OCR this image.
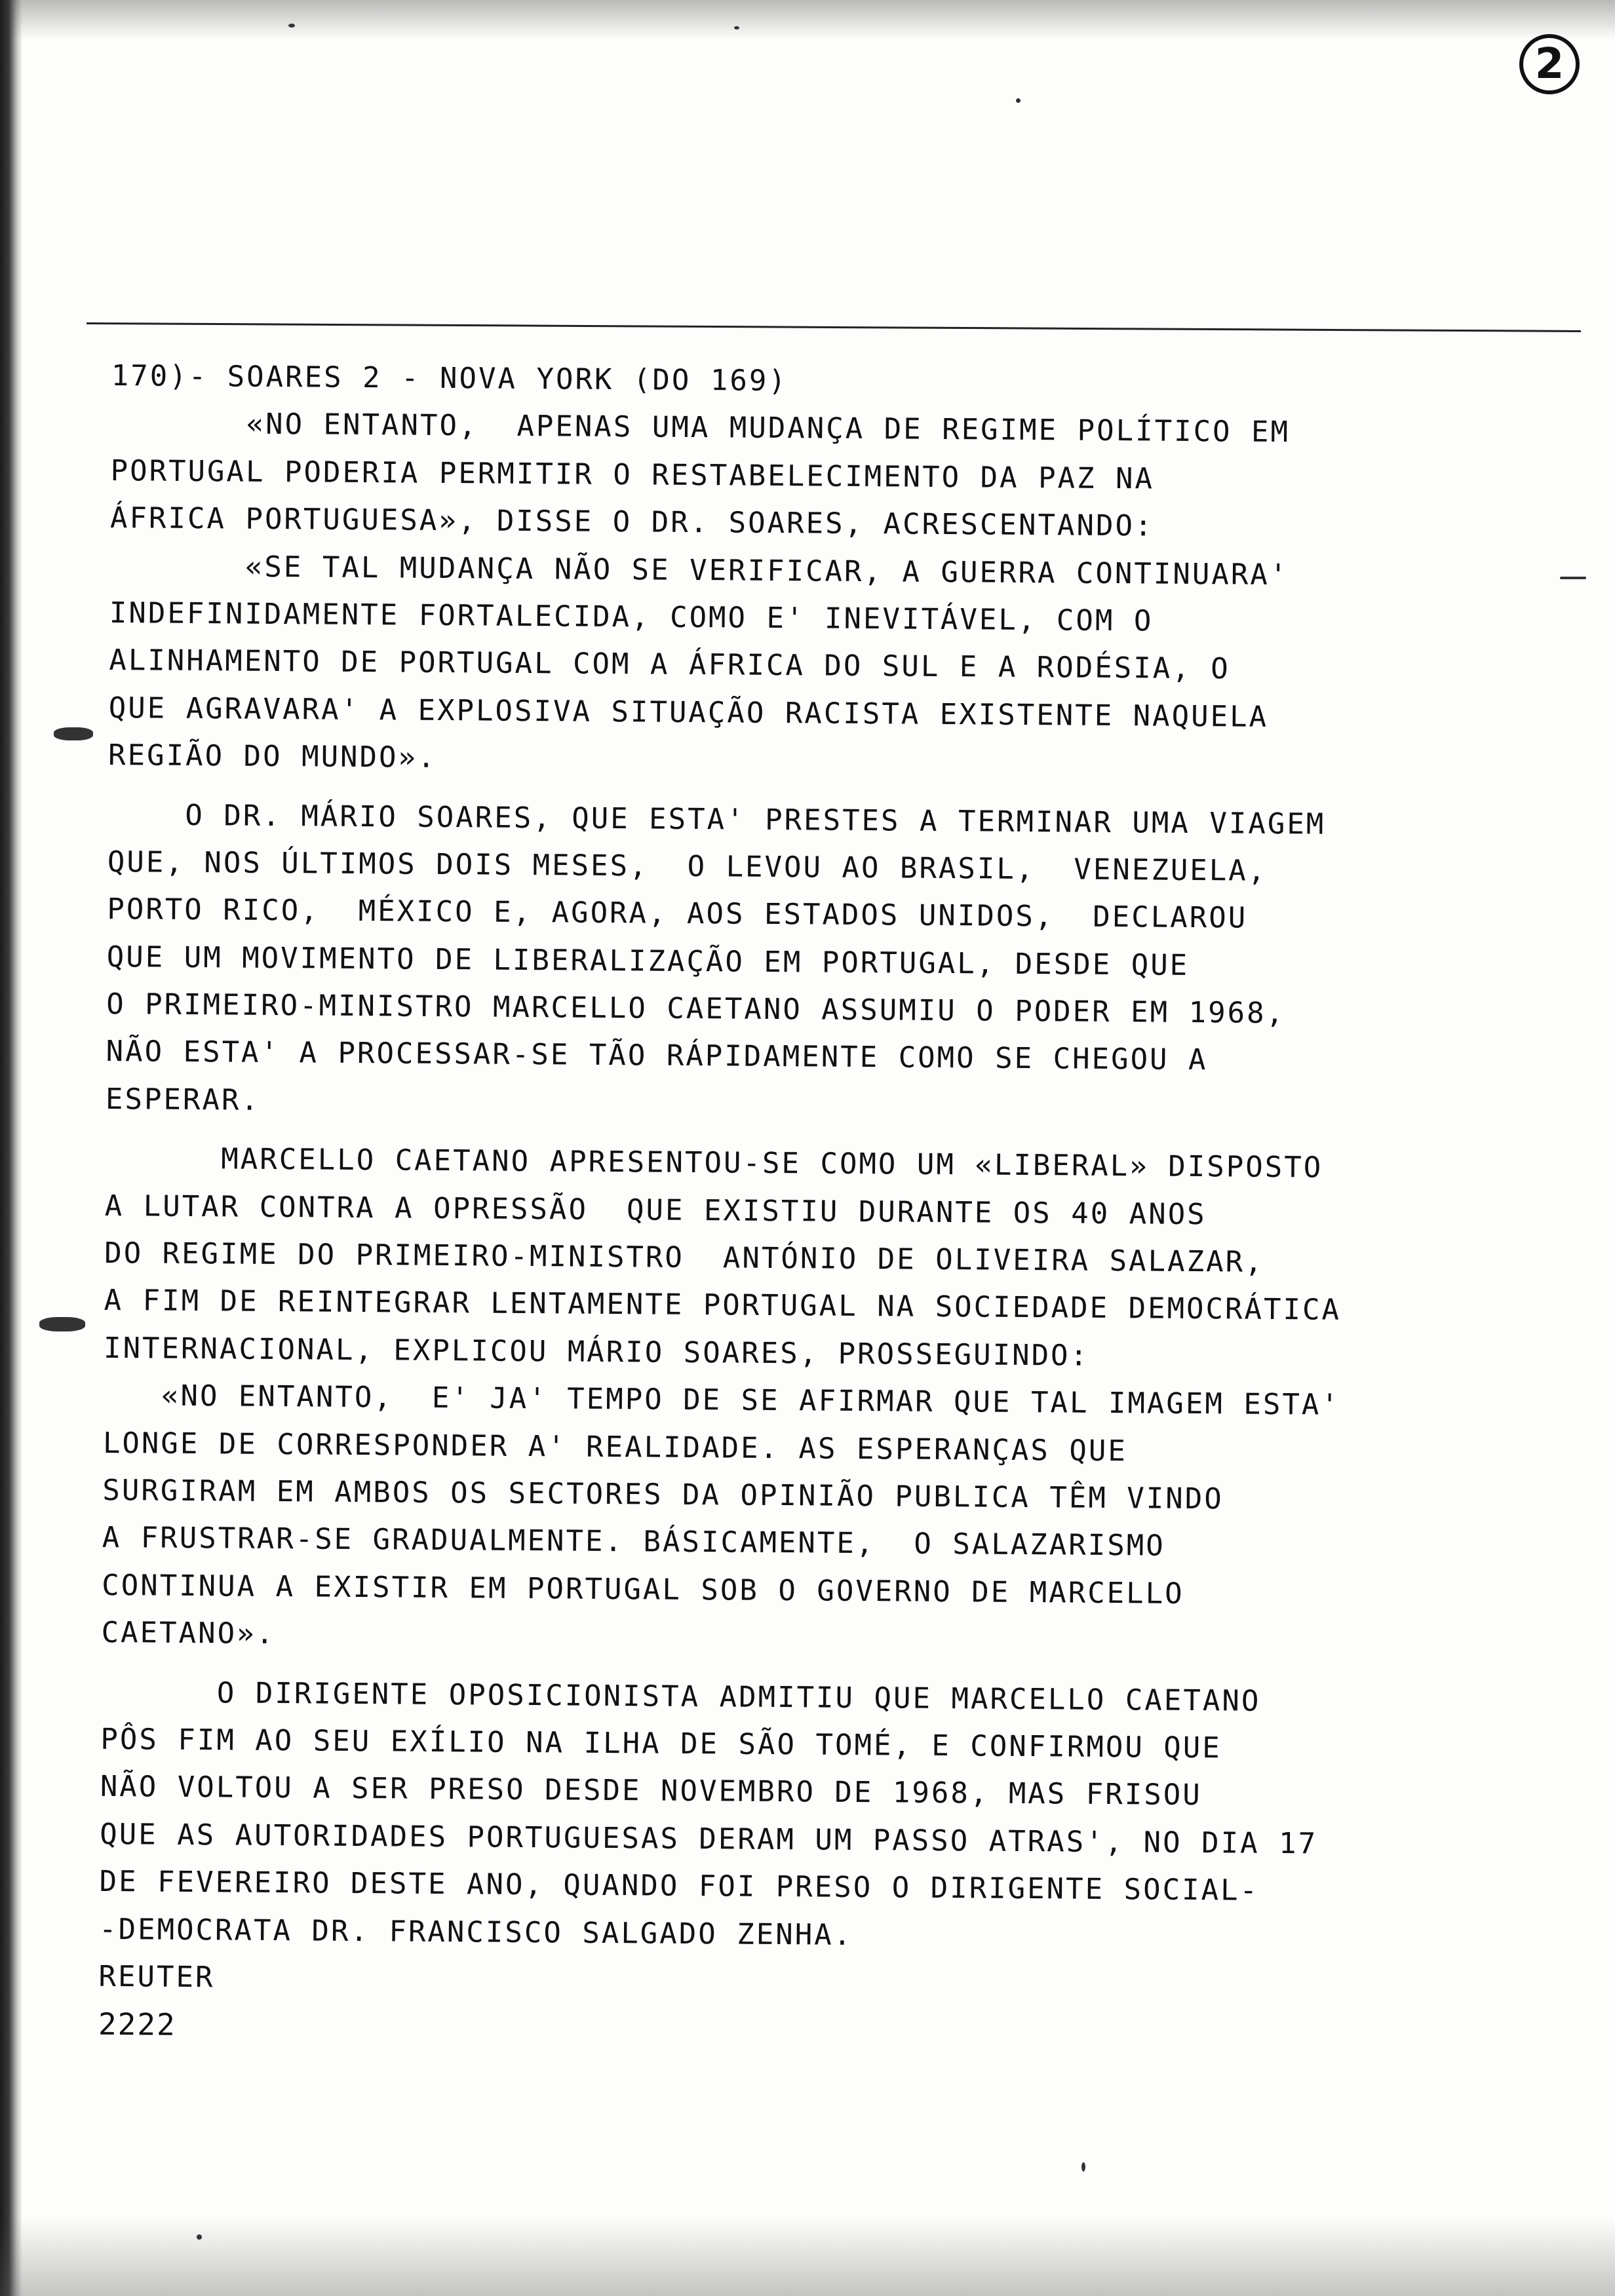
2
170)- SOARES 2 - NOVA YORK (DO 169)
«NO ENTANTO,  APENAS UMA MUDANÇA DE REGIME POLÍTICO EM
PORTUGAL PODERIA PERMITIR O RESTABELECIMENTO DA PAZ NA
ÁFRICA PORTUGUESA», DISSE O DR. SOARES, ACRESCENTANDO:
«SE TAL MUDANÇA NÃO SE VERIFICAR, A GUERRA CONTINUARA'
INDEFINIDAMENTE FORTALECIDA, COMO E' INEVITÁVEL, COM O
ALINHAMENTO DE PORTUGAL COM A ÁFRICA DO SUL E A RODÉSIA, O
QUE AGRAVARA' A EXPLOSIVA SITUAÇÃO RACISTA EXISTENTE NAQUELA
REGIÃO DO MUNDO».
O DR. MÁRIO SOARES, QUE ESTA' PRESTES A TERMINAR UMA VIAGEM
QUE, NOS ÚLTIMOS DOIS MESES,  O LEVOU AO BRASIL,  VENEZUELA,
PORTO RICO,  MÉXICO E, AGORA, AOS ESTADOS UNIDOS,  DECLAROU
QUE UM MOVIMENTO DE LIBERALIZAÇÃO EM PORTUGAL, DESDE QUE
O PRIMEIRO-MINISTRO MARCELLO CAETANO ASSUMIU O PODER EM 1968,
NÃO ESTA' A PROCESSAR-SE TÃO RÁPIDAMENTE COMO SE CHEGOU A
ESPERAR.
MARCELLO CAETANO APRESENTOU-SE COMO UM «LIBERAL» DISPOSTO
A LUTAR CONTRA A OPRESSÃO  QUE EXISTIU DURANTE OS 40 ANOS
DO REGIME DO PRIMEIRO-MINISTRO  ANTÓNIO DE OLIVEIRA SALAZAR,
A FIM DE REINTEGRAR LENTAMENTE PORTUGAL NA SOCIEDADE DEMOCRÁTICA
INTERNACIONAL, EXPLICOU MÁRIO SOARES, PROSSEGUINDO:
«NO ENTANTO,  E' JA' TEMPO DE SE AFIRMAR QUE TAL IMAGEM ESTA'
LONGE DE CORRESPONDER A' REALIDADE. AS ESPERANÇAS QUE
SURGIRAM EM AMBOS OS SECTORES DA OPINIÃO PUBLICA TÊM VINDO
A FRUSTRAR-SE GRADUALMENTE. BÁSICAMENTE,  O SALAZARISMO
CONTINUA A EXISTIR EM PORTUGAL SOB O GOVERNO DE MARCELLO
CAETANO».
O DIRIGENTE OPOSICIONISTA ADMITIU QUE MARCELLO CAETANO
PÔS FIM AO SEU EXÍLIO NA ILHA DE SÃO TOMÉ, E CONFIRMOU QUE
NÃO VOLTOU A SER PRESO DESDE NOVEMBRO DE 1968, MAS FRISOU
QUE AS AUTORIDADES PORTUGUESAS DERAM UM PASSO ATRAS', NO DIA 17
DE FEVEREIRO DESTE ANO, QUANDO FOI PRESO O DIRIGENTE SOCIAL-
-DEMOCRATA DR. FRANCISCO SALGADO ZENHA.
REUTER
2222
